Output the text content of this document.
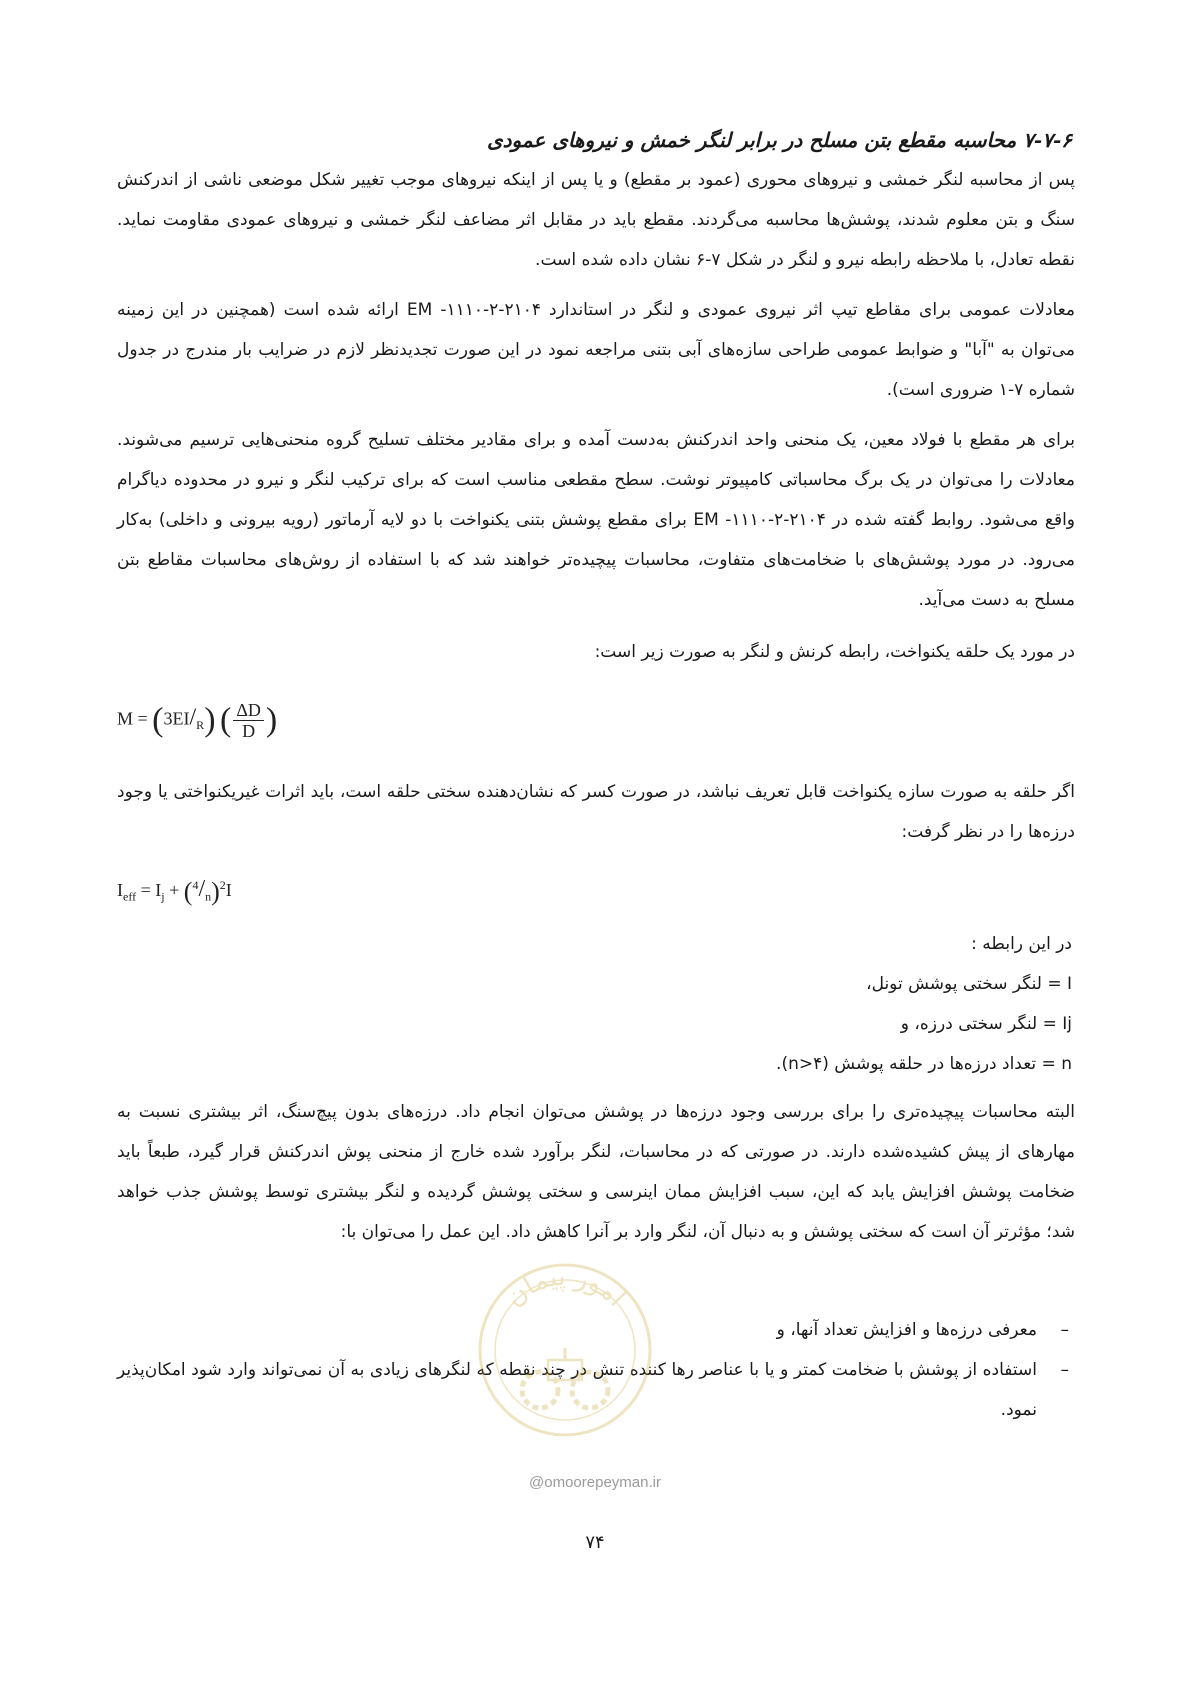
۷-۷-۶ محاسبه مقطع بتن مسلح در برابر لنگر خمش و نیروهای عمودی

پس از محاسبه لنگر خمشی و نیروهای محوری (عمود بر مقطع) و یا پس از اینکه نیروهای موجب تغییر شکل موضعی ناشی از اندرکنش سنگ و بتن معلوم شدند، پوشش‌ها محاسبه می‌گردند. مقطع باید در مقابل اثر مضاعف لنگر خمشی و نیروهای عمودی مقاومت نماید. نقطه تعادل، با ملاحظه رابطه نیرو و لنگر در شکل ۷-۶ نشان داده شده است.

معادلات عمومی برای مقاطع تیپ اثر نیروی عمودی و لنگر در استاندارد ۲۱۰۴-۲-۱۱۱۰- EM ارائه شده است (همچنین در این زمینه می‌توان به "آبا" و ضوابط عمومی طراحی سازه‌های آبی بتنی مراجعه نمود در این صورت تجدیدنظر لازم در ضرایب بار مندرج در جدول شماره ۷-۱ ضروری است).

برای هر مقطع با فولاد معین، یک منحنی واحد اندرکنش به‌دست آمده و برای مقادیر مختلف تسلیح گروه منحنی‌هایی ترسیم می‌شوند. معادلات را می‌توان در یک برگ محاسباتی کامپیوتر نوشت. سطح مقطعی مناسب است که برای ترکیب لنگر و نیرو در محدوده دیاگرام واقع می‌شود. روابط گفته شده در ۲۱۰۴-۲-۱۱۱۰- EM برای مقطع پوشش بتنی یکنواخت با دو لایه آرماتور (رویه بیرونی و داخلی) به‌کار می‌رود. در مورد پوشش‌های با ضخامت‌های متفاوت، محاسبات پیچیده‌تر خواهند شد که با استفاده از روش‌های محاسبات مقاطع بتن مسلح به دست می‌آید.

در مورد یک حلقه یکنواخت، رابطه کرنش و لنگر به صورت زیر است:

$M = (3EI/_R)$ ( $\frac{\Delta D}{D}$ )

اگر حلقه به صورت سازه یکنواخت قابل تعریف نباشد، در صورت کسر که نشان‌دهنده سختی حلقه است، باید اثرات غیریکنواختی یا وجود درزه‌ها را در نظر گرفت:

$I_{eff} = I_j + (^4/_n)^2I$
در این رابطه :
I = لنگر سختی پوشش تونل،
Ij = لنگر سختی درزه، و
n = تعداد درزه‌ها در حلقه پوشش (n>۴).

البته محاسبات پیچیده‌تری را برای بررسی وجود درزه‌ها در پوشش می‌توان انجام داد. درزه‌های بدون پیچ‌سنگ، اثر بیشتری نسبت به مهارهای از پیش کشیده‌شده دارند. در صورتی که در محاسبات، لنگر برآورد شده خارج از منحنی پوش اندرکنش قرار گیرد، طبعاً باید ضخامت پوشش افزایش یابد که این، سبب افزایش ممان اینرسی و سختی پوشش گردیده و لنگر بیشتری توسط پوشش جذب خواهد شد؛ مؤثرتر آن است که سختی پوشش و به دنبال آن، لنگر وارد بر آنرا کاهش داد. این عمل را می‌توان با:

–
معرفی درزه‌ها و افزایش تعداد آنها، و
–
استفاده از پوشش با ضخامت کمتر و یا با عناصر رها کننده تنش در چند نقطه که لنگرهای زیادی به آن نمی‌تواند وارد شود امکان‌پذیر نمود.
امور پیمان
@omoorepeyman.ir
۷۴
